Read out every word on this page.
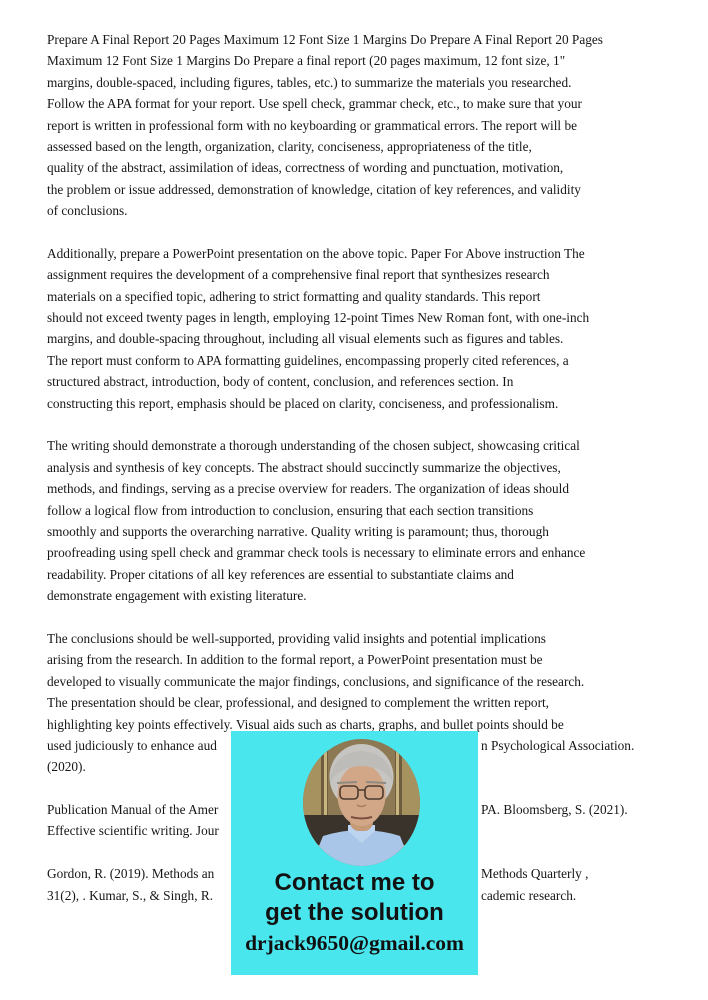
Prepare A Final Report 20 Pages Maximum 12 Font Size 1 Margins Do Prepare A Final Report 20 Pages
Maximum 12 Font Size 1 Margins Do Prepare a final report (20 pages maximum, 12 font size, 1"
margins, double-spaced, including figures, tables, etc.) to summarize the materials you researched.
Follow the APA format for your report. Use spell check, grammar check, etc., to make sure that your
report is written in professional form with no keyboarding or grammatical errors. The report will be
assessed based on the length, organization, clarity, conciseness, appropriateness of the title,
quality of the abstract, assimilation of ideas, correctness of wording and punctuation, motivation,
the problem or issue addressed, demonstration of knowledge, citation of key references, and validity
of conclusions.
Additionally, prepare a PowerPoint presentation on the above topic. Paper For Above instruction The
assignment requires the development of a comprehensive final report that synthesizes research
materials on a specified topic, adhering to strict formatting and quality standards. This report
should not exceed twenty pages in length, employing 12-point Times New Roman font, with one-inch
margins, and double-spacing throughout, including all visual elements such as figures and tables.
The report must conform to APA formatting guidelines, encompassing properly cited references, a
structured abstract, introduction, body of content, conclusion, and references section. In
constructing this report, emphasis should be placed on clarity, conciseness, and professionalism.
The writing should demonstrate a thorough understanding of the chosen subject, showcasing critical
analysis and synthesis of key concepts. The abstract should succinctly summarize the objectives,
methods, and findings, serving as a precise overview for readers. The organization of ideas should
follow a logical flow from introduction to conclusion, ensuring that each section transitions
smoothly and supports the overarching narrative. Quality writing is paramount; thus, thorough
proofreading using spell check and grammar check tools is necessary to eliminate errors and enhance
readability. Proper citations of all key references are essential to substantiate claims and
demonstrate engagement with existing literature.
The conclusions should be well-supported, providing valid insights and potential implications
arising from the research. In addition to the formal report, a PowerPoint presentation must be
developed to visually communicate the major findings, conclusions, and significance of the research.
The presentation should be clear, professional, and designed to complement the written report,
highlighting key points effectively. Visual aids such as charts, graphs, and bullet points should be
used judiciously to enhance aud	n Psychological Association.
(2020).
Publication Manual of the Amer	PA. Bloomsberg, S. (2021).
Effective scientific writing. Jour
Gordon, R. (2019). Methods an	Methods Quarterly ,
31(2), . Kumar, S., & Singh, R.	cademic research.
Contact me to
get the solution
drjack9650@gmail.com
